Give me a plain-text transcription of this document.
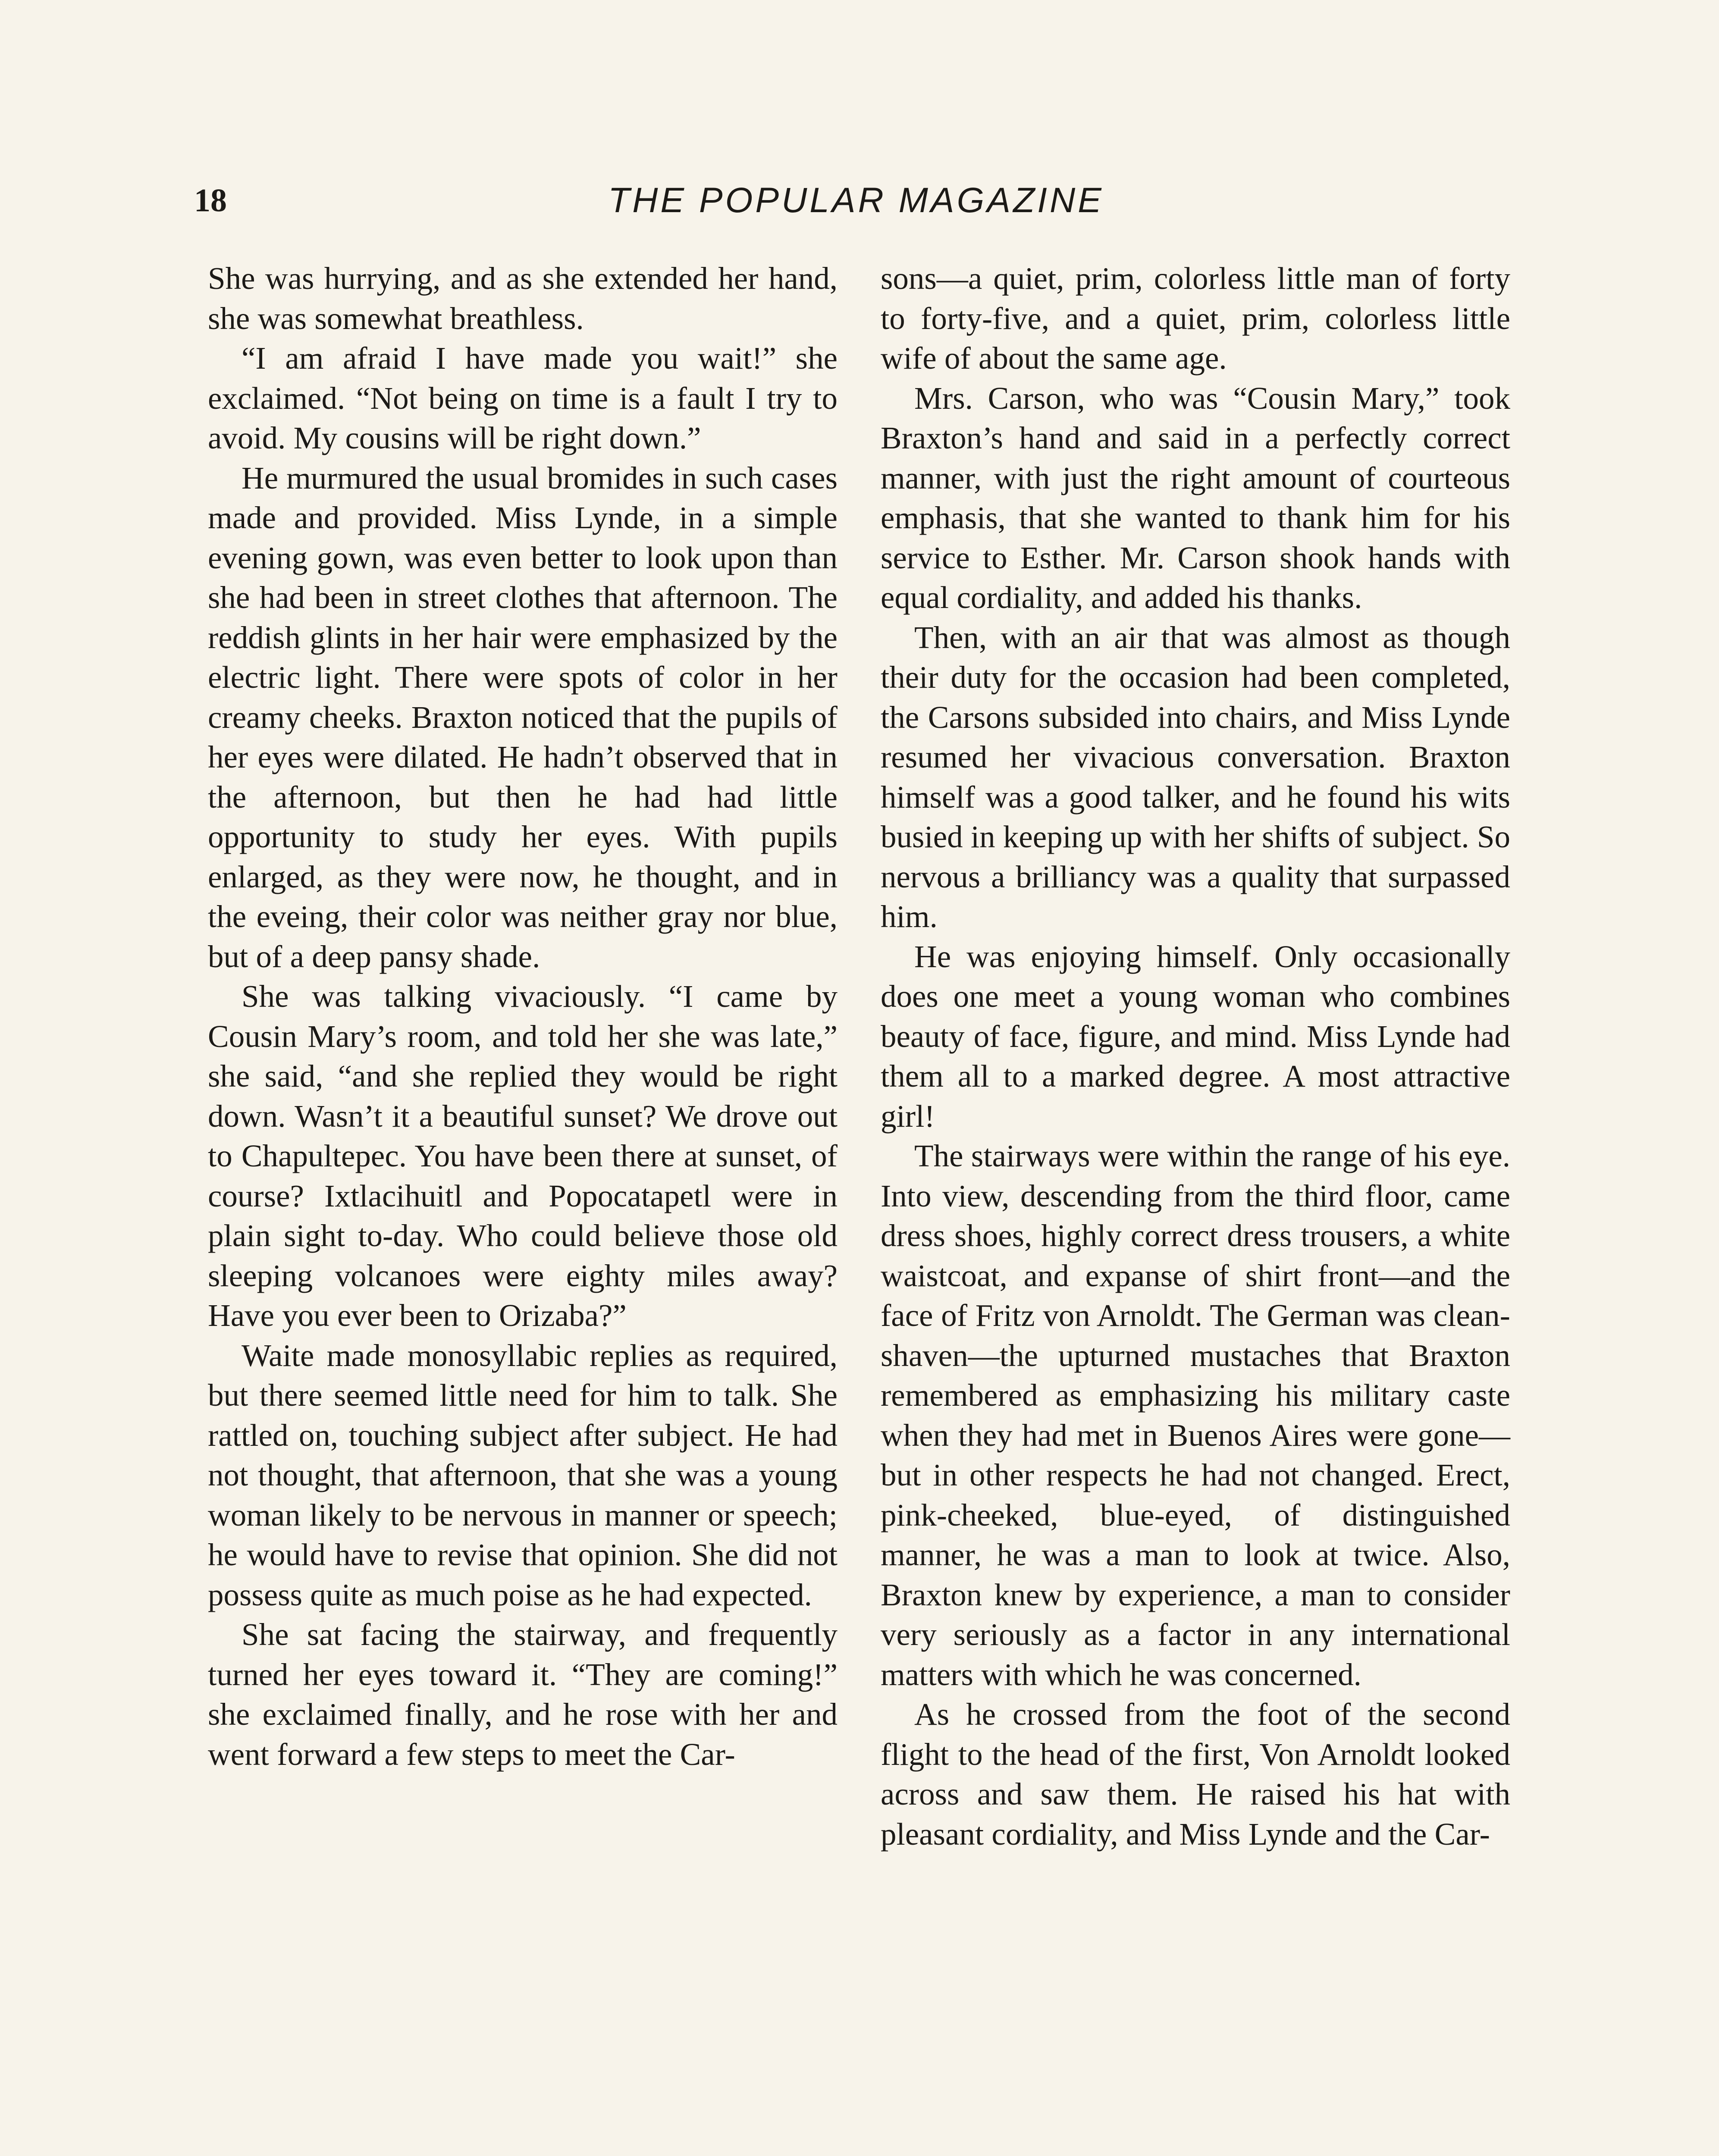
18	THE POPULAR MAGAZINE

She was hurrying, and as she extended her hand, she was somewhat breathless.

“I am afraid I have made you wait!” she exclaimed. “Not being on time is a fault I try to avoid. My cousins will be right down.”

He murmured the usual bromides in such cases made and provided. Miss Lynde, in a simple evening gown, was even better to look upon than she had been in street clothes that afternoon. The reddish glints in her hair were emphasized by the electric light. There were spots of color in her creamy cheeks. Braxton noticed that the pupils of her eyes were dilated. He hadn’t observed that in the afternoon, but then he had had little opportunity to study her eyes. With pupils enlarged, as they were now, he thought, and in the eveing, their color was neither gray nor blue, but of a deep pansy shade.

She was talking vivaciously. “I came by Cousin Mary’s room, and told her she was late,” she said, “and she replied they would be right down. Wasn’t it a beautiful sunset? We drove out to Chapultepec. You have been there at sunset, of course? Ixtlacihuitl and Popocatapetl were in plain sight to-day. Who could believe those old sleeping volcanoes were eighty miles away? Have you ever been to Orizaba?”

Waite made monosyllabic replies as required, but there seemed little need for him to talk. She rattled on, touching subject after subject. He had not thought, that afternoon, that she was a young woman likely to be nervous in manner or speech; he would have to revise that opinion. She did not possess quite as much poise as he had expected.

She sat facing the stairway, and frequently turned her eyes toward it. “They are coming!” she exclaimed finally, and he rose with her and went forward a few steps to meet the Car-

sons—a quiet, prim, colorless little man of forty to forty-five, and a quiet, prim, colorless little wife of about the same age.

Mrs. Carson, who was “Cousin Mary,” took Braxton’s hand and said in a perfectly correct manner, with just the right amount of courteous emphasis, that she wanted to thank him for his service to Esther. Mr. Carson shook hands with equal cordiality, and added his thanks.

Then, with an air that was almost as though their duty for the occasion had been completed, the Carsons subsided into chairs, and Miss Lynde resumed her vivacious conversation. Braxton himself was a good talker, and he found his wits busied in keeping up with her shifts of subject. So nervous a brilliancy was a quality that surpassed him.

He was enjoying himself. Only occasionally does one meet a young woman who combines beauty of face, figure, and mind. Miss Lynde had them all to a marked degree. A most attractive girl!

The stairways were within the range of his eye. Into view, descending from the third floor, came dress shoes, highly correct dress trousers, a white waistcoat, and expanse of shirt front—and the face of Fritz von Arnoldt. The German was clean-shaven—the upturned mustaches that Braxton remembered as emphasizing his military caste when they had met in Buenos Aires were gone—but in other respects he had not changed. Erect, pink-cheeked, blue-eyed, of distinguished manner, he was a man to look at twice. Also, Braxton knew by experience, a man to consider very seriously as a factor in any international matters with which he was concerned.

As he crossed from the foot of the second flight to the head of the first, Von Arnoldt looked across and saw them. He raised his hat with pleasant cordiality, and Miss Lynde and the Car-
